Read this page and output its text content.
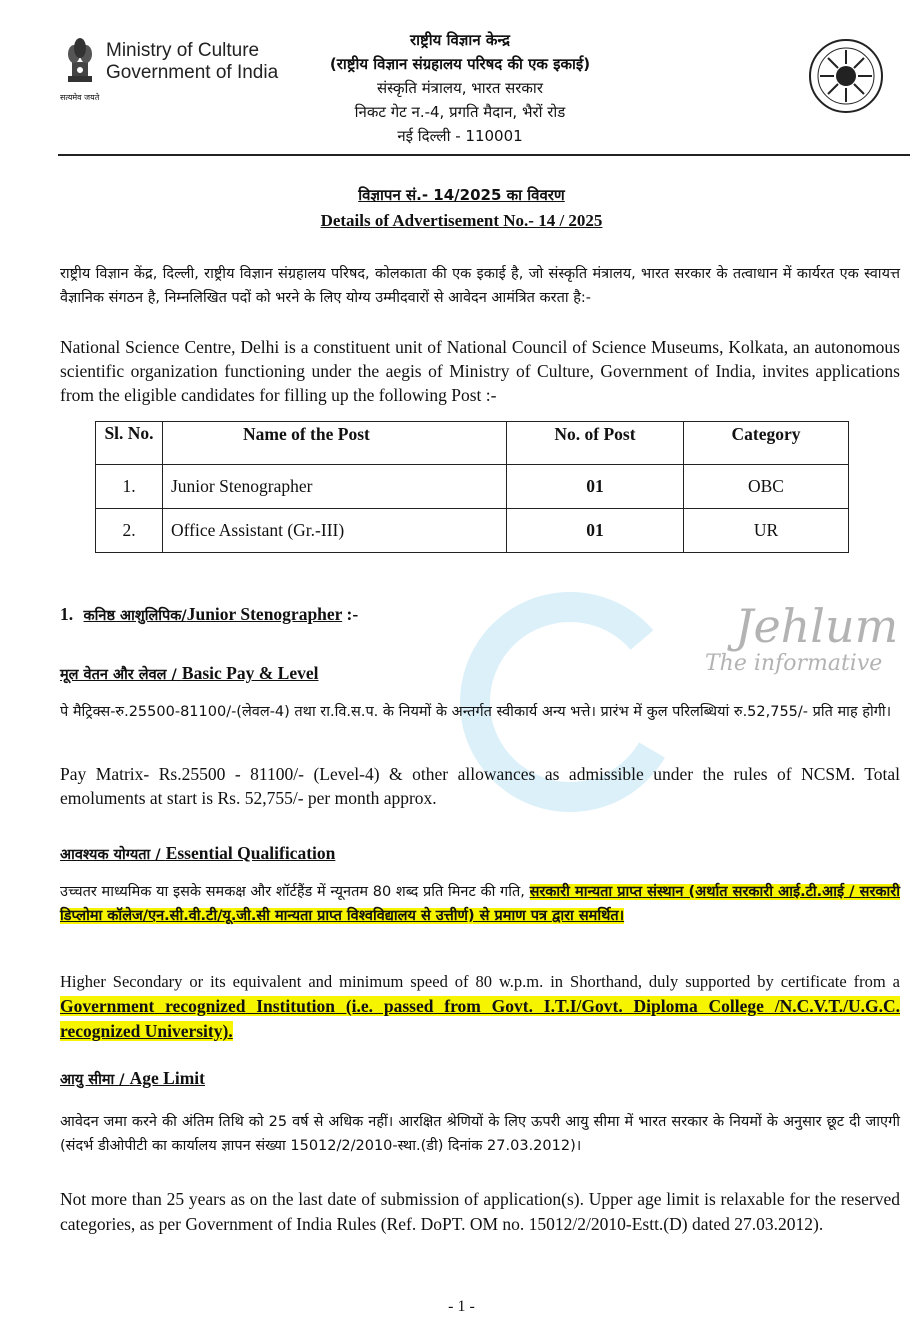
Ministry of Culture
Government of India
सत्यमेव जयते
राष्ट्रीय विज्ञान केन्द्र
(राष्ट्रीय विज्ञान संग्रहालय परिषद की एक इकाई)
संस्कृति मंत्रालय, भारत सरकार
निकट गेट न.-4, प्रगति मैदान, भैरों रोड
नई दिल्ली - 110001
विज्ञापन सं.- 14/2025 का विवरण
Details of Advertisement No.- 14 / 2025
राष्ट्रीय विज्ञान केंद्र, दिल्ली, राष्ट्रीय विज्ञान संग्रहालय परिषद, कोलकाता की एक इकाई है, जो संस्कृति मंत्रालय, भारत सरकार के तत्वाधान में कार्यरत एक स्वायत्त वैज्ञानिक संगठन है, निम्नलिखित पदों को भरने के लिए योग्य उम्मीदवारों से आवेदन आमंत्रित करता है:-
National Science Centre, Delhi is a constituent unit of National Council of Science Museums, Kolkata, an autonomous scientific organization functioning under the aegis of Ministry of Culture, Government of India, invites applications from the eligible candidates for filling up the following Post :-
Sl. No.	Name of the Post	No. of Post	Category
1.	Junior Stenographer	01	OBC
2.	Office Assistant (Gr.-III)	01	UR
Jehlum
The informative
1. कनिष्ठ आशुलिपिक/Junior Stenographer :-
मूल वेतन और लेवल / Basic Pay & Level
पे मैट्रिक्स-रु.25500-81100/-(लेवल-4) तथा रा.वि.स.प. के नियमों के अन्तर्गत स्वीकार्य अन्य भत्ते। प्रारंभ में कुल परिलब्धियां रु.52,755/- प्रति माह होगी।
Pay Matrix- Rs.25500 - 81100/- (Level-4) & other allowances as admissible under the rules of NCSM. Total emoluments at start is Rs. 52,755/- per month approx.
आवश्यक योग्यता / Essential Qualification
उच्चतर माध्यमिक या इसके समकक्ष और शॉर्टहैंड में न्यूनतम 80 शब्द प्रति मिनट की गति, सरकारी मान्यता प्राप्त संस्थान (अर्थात सरकारी आई.टी.आई / सरकारी डिप्लोमा कॉलेज/एन.सी.वी.टी/यू.जी.सी मान्यता प्राप्त विश्वविद्यालय से उत्तीर्ण) से प्रमाण पत्र द्वारा समर्थित।
Higher Secondary or its equivalent and minimum speed of 80 w.p.m. in Shorthand, duly supported by certificate from a Government recognized Institution (i.e. passed from Govt. I.T.I/Govt. Diploma College /N.C.V.T./U.G.C. recognized University).
आयु सीमा / Age Limit
आवेदन जमा करने की अंतिम तिथि को 25 वर्ष से अधिक नहीं। आरक्षित श्रेणियों के लिए ऊपरी आयु सीमा में भारत सरकार के नियमों के अनुसार छूट दी जाएगी (संदर्भ डीओपीटी का कार्यालय ज्ञापन संख्या 15012/2/2010-स्था.(डी) दिनांक 27.03.2012)।
Not more than 25 years as on the last date of submission of application(s). Upper age limit is relaxable for the reserved categories, as per Government of India Rules (Ref. DoPT. OM no. 15012/2/2010-Estt.(D) dated 27.03.2012).
- 1 -
